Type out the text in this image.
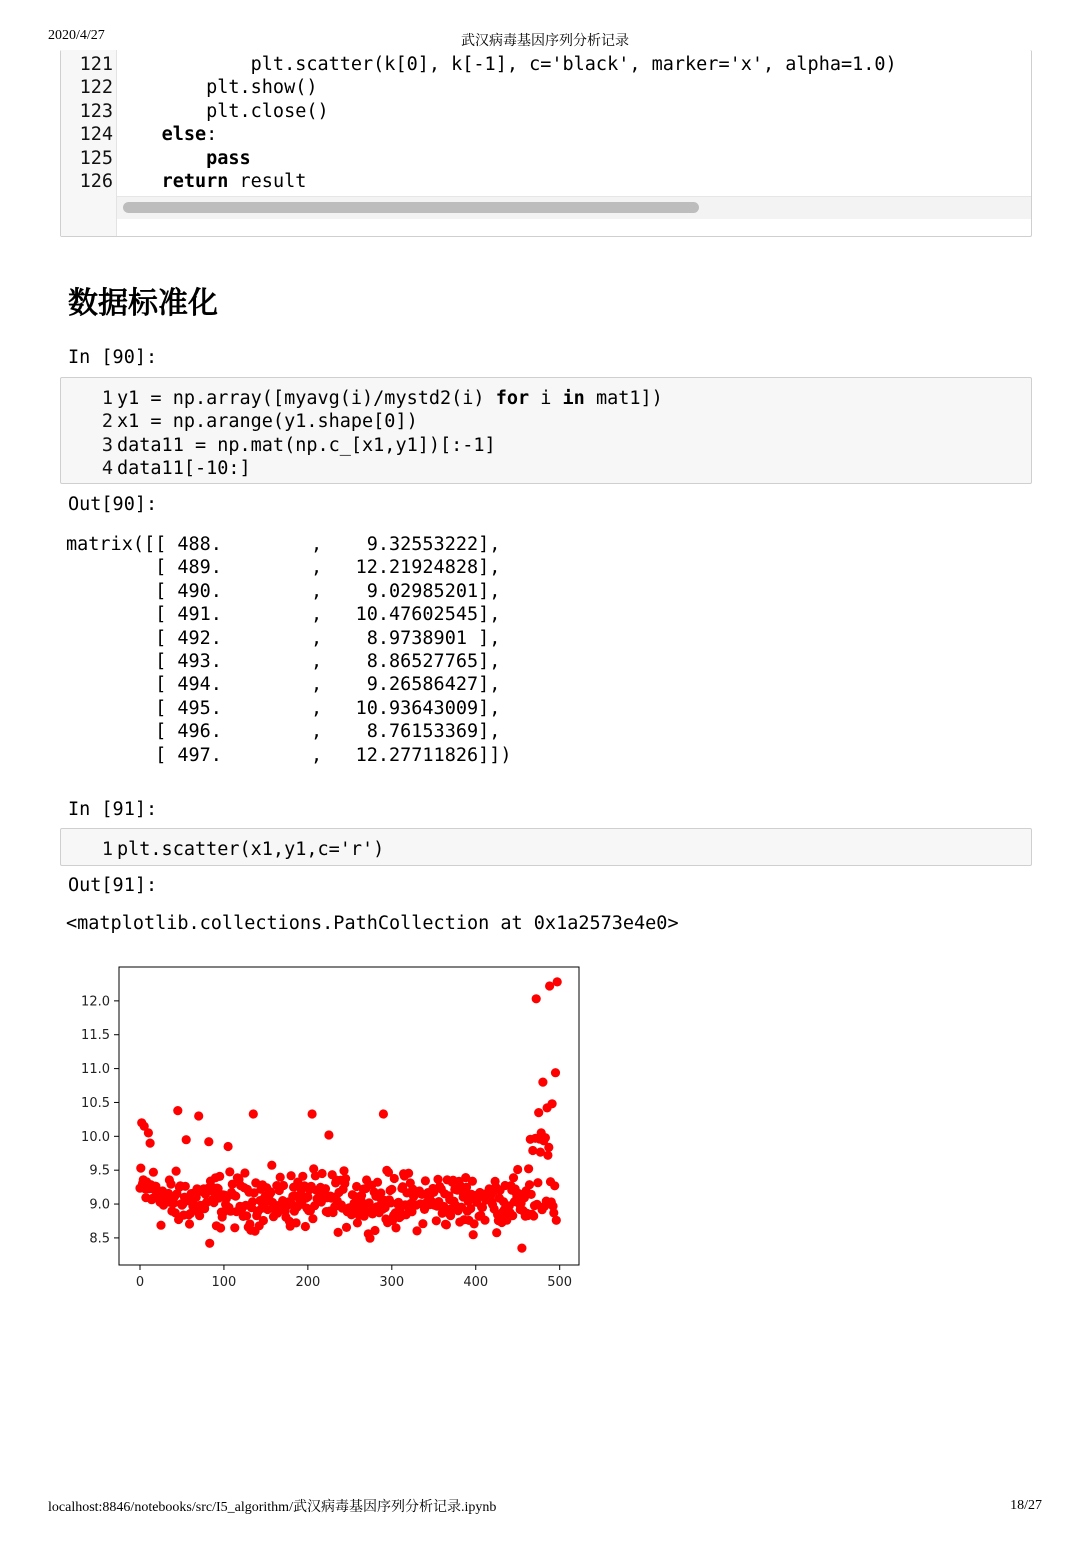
2020/4/27	武汉病毒基因序列分析记录
localhost:8846/notebooks/src/I5_algorithm/武汉病毒基因序列分析记录.ipynb	18/27
121 plt.scatter(k[0], k[-1], c='black', marker='x', alpha=1.0)
122 plt.show()
123 plt.close()
124	else:
125	pass
126	return result
数据标准化
In [90]:
1 y1 = np.array([myavg(i)/mystd2(i) for i in mat1])
2 x1 = np.arange(y1.shape[0])
3 data11 = np.mat(np.c_[x1,y1])[:-1]
4 data11[-10:]
Out[90]:
matrix([[ 488.        ,    9.32553222],
[ 489.        ,   12.21924828],
[ 490.        ,    9.02985201],
[ 491.        ,   10.47602545],
[ 492.        ,    8.9738901 ],
[ 493.        ,    8.86527765],
[ 494.        ,    9.26586427],
[ 495.        ,   10.93643009],
[ 496.        ,    8.76153369],
[ 497.        ,   12.27711826]])
In [91]:
1 plt.scatter(x1,y1,c='r')
Out[91]:
<matplotlib.collections.PathCollection at 0x1a2573e4e0>
0	100	200	300	400	500
8.5
9.0
9.5
10.0
10.5
11.0
11.5
12.0
